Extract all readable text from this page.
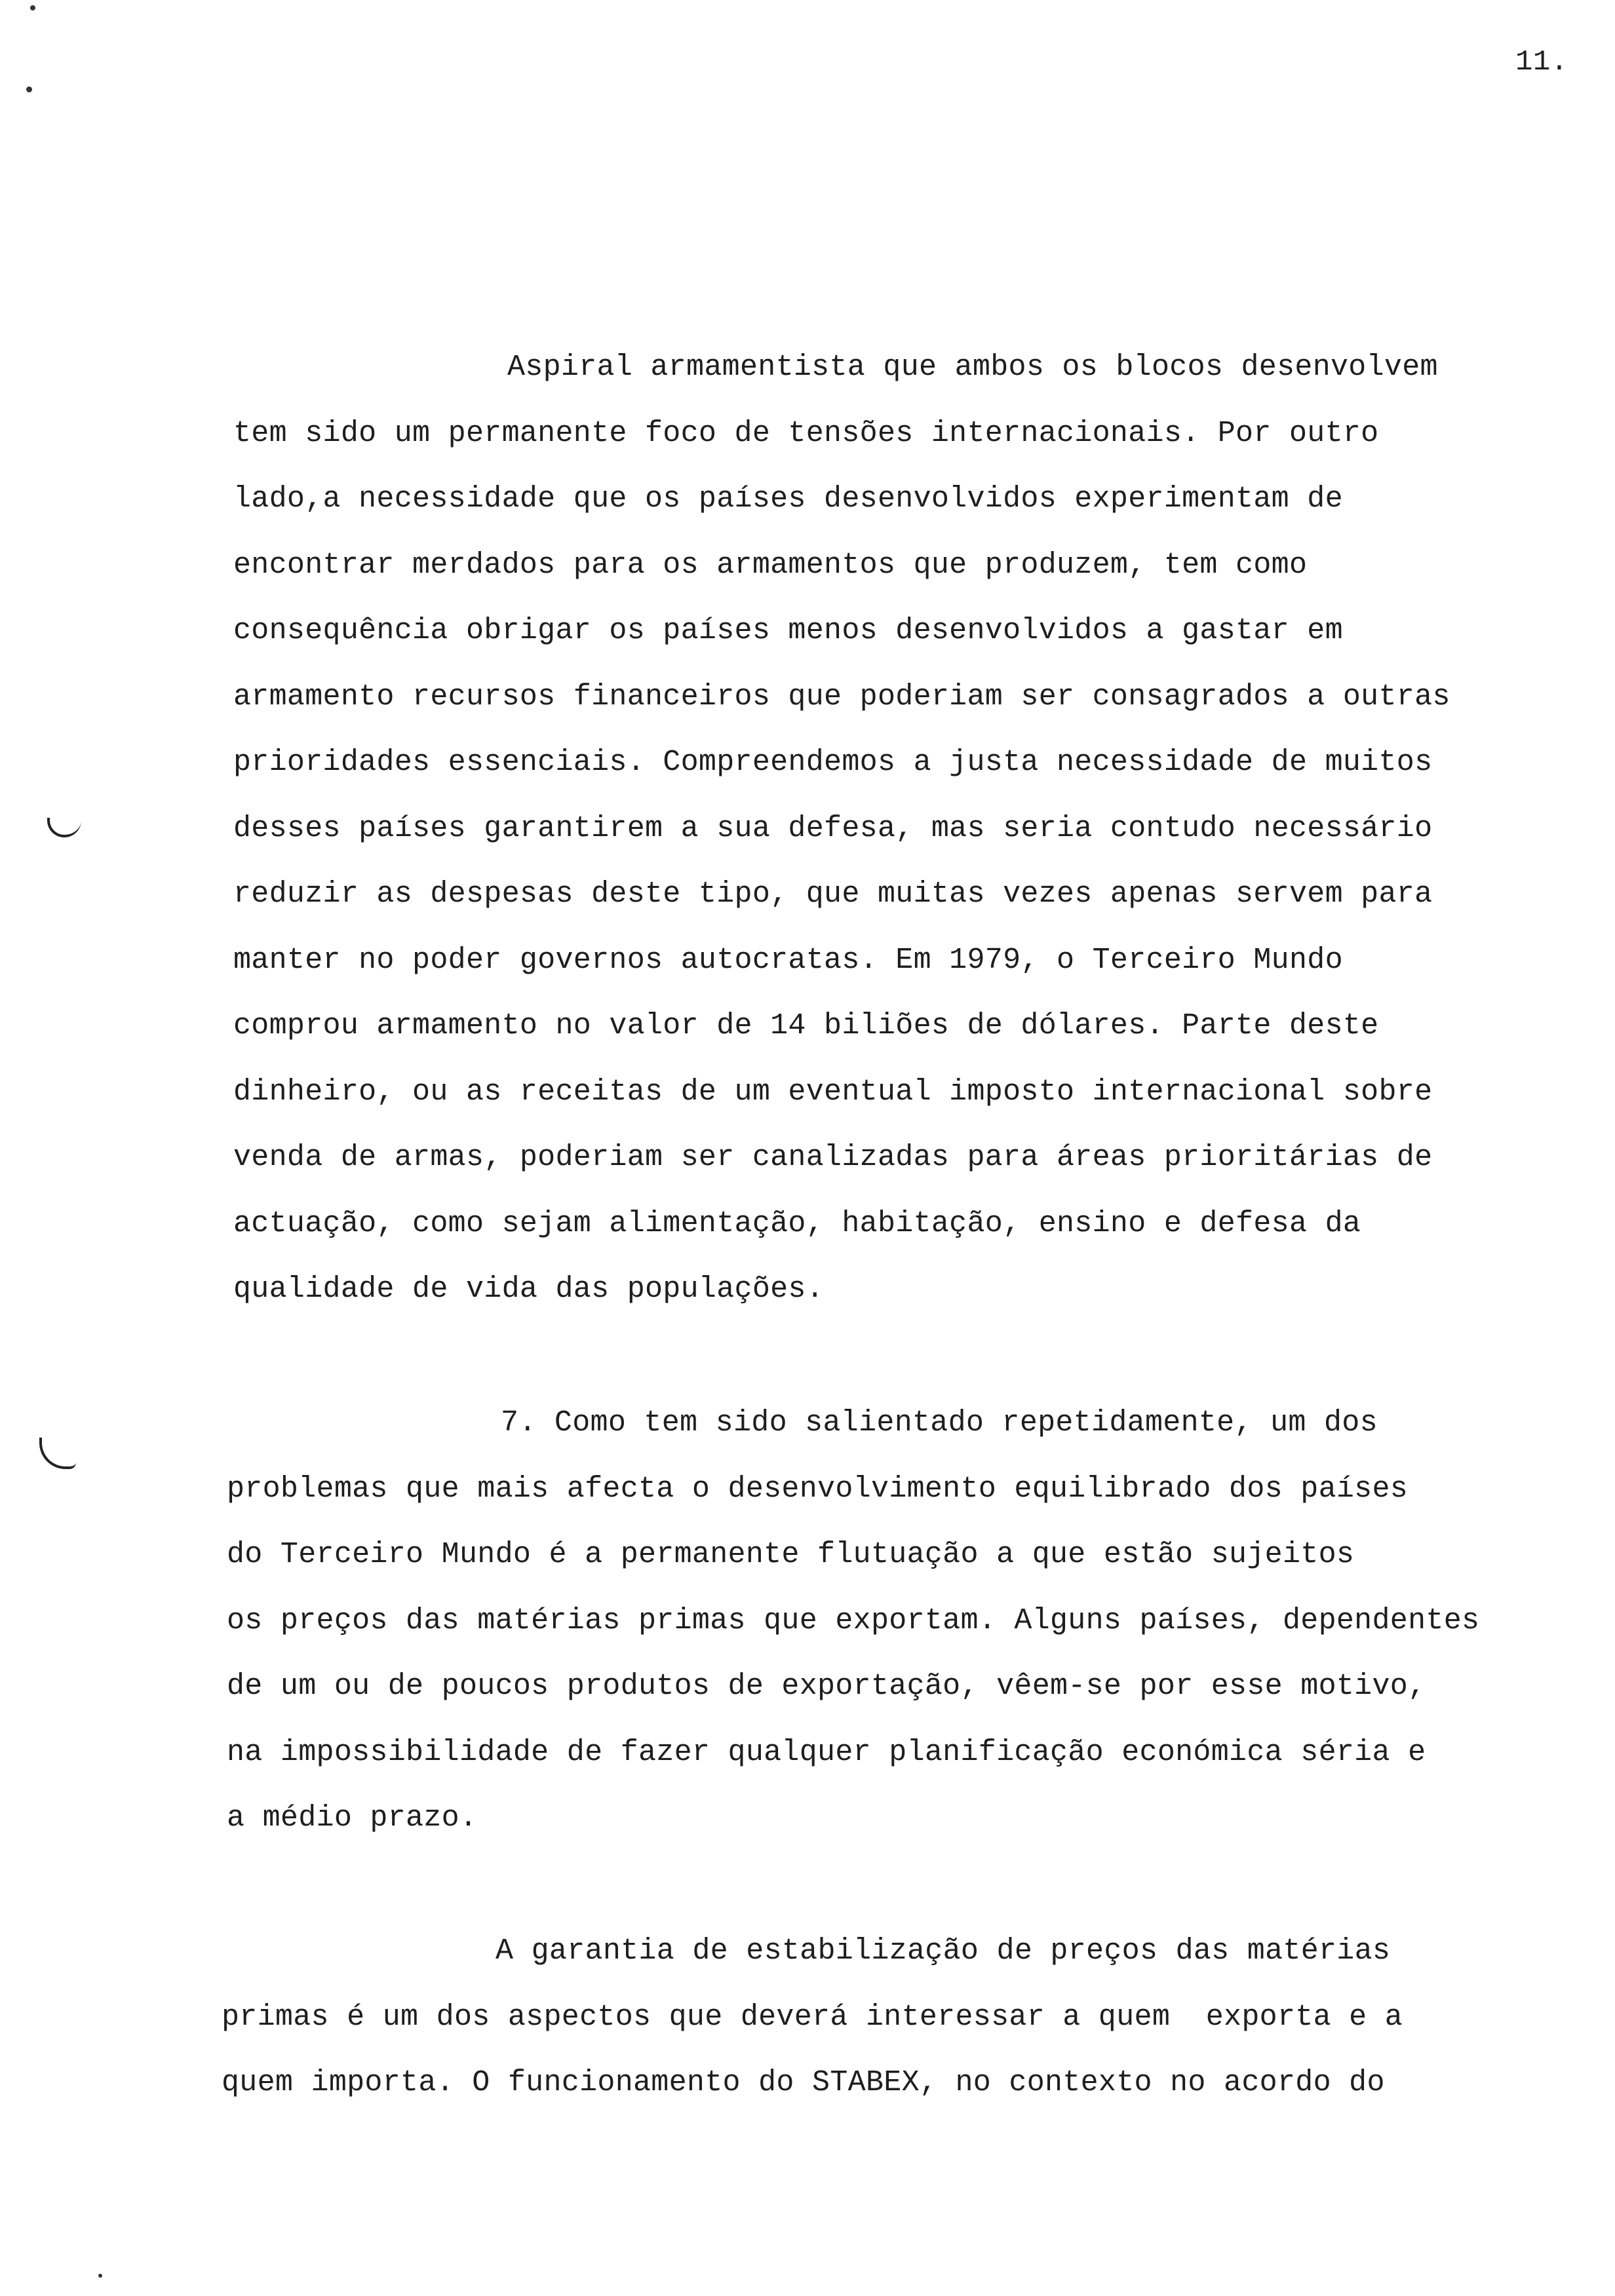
11.
Aspiral armamentista que ambos os blocos desenvolvem
tem sido um permanente foco de tensões internacionais. Por outro
lado,a necessidade que os países desenvolvidos experimentam de
encontrar merdados para os armamentos que produzem, tem como
consequência obrigar os países menos desenvolvidos a gastar em
armamento recursos financeiros que poderiam ser consagrados a outras
prioridades essenciais. Compreendemos a justa necessidade de muitos
desses países garantirem a sua defesa, mas seria contudo necessário
reduzir as despesas deste tipo, que muitas vezes apenas servem para
manter no poder governos autocratas. Em 1979, o Terceiro Mundo
comprou armamento no valor de 14 biliões de dólares. Parte deste
dinheiro, ou as receitas de um eventual imposto internacional sobre
venda de armas, poderiam ser canalizadas para áreas prioritárias de
actuação, como sejam alimentação, habitação, ensino e defesa da
qualidade de vida das populações.
7. Como tem sido salientado repetidamente, um dos
problemas que mais afecta o desenvolvimento equilibrado dos países
do Terceiro Mundo é a permanente flutuação a que estão sujeitos
os preços das matérias primas que exportam. Alguns países, dependentes
de um ou de poucos produtos de exportação, vêem-se por esse motivo,
na impossibilidade de fazer qualquer planificação económica séria e
a médio prazo.
A garantia de estabilização de preços das matérias
primas é um dos aspectos que deverá interessar a quem  exporta e a
quem importa. O funcionamento do STABEX, no contexto no acordo do
